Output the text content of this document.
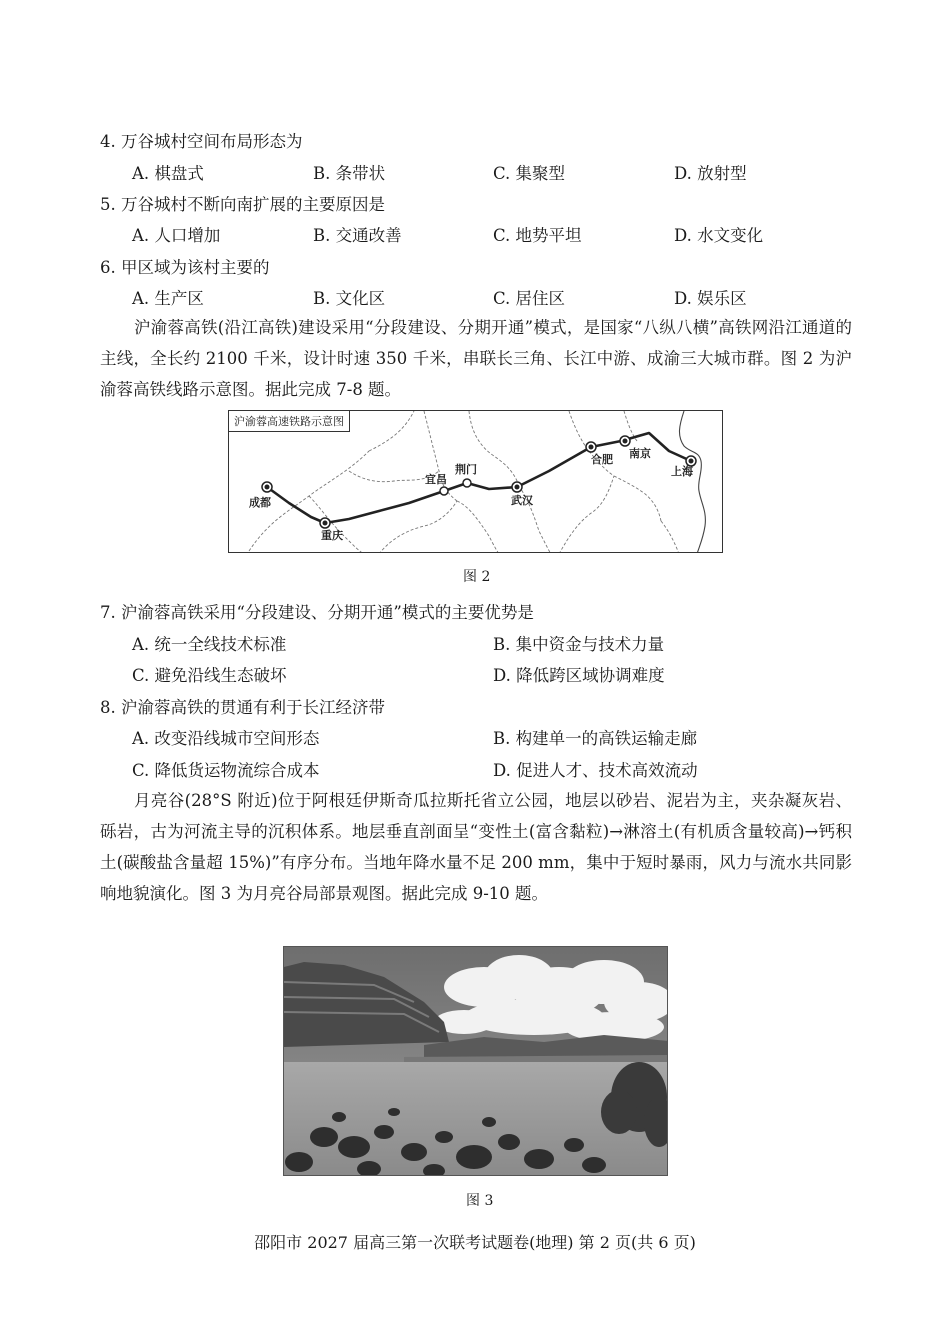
4. 万谷城村空间布局形态为
A. 棋盘式	B. 条带状	C. 集聚型	D. 放射型
5. 万谷城村不断向南扩展的主要原因是
A. 人口增加	B. 交通改善	C. 地势平坦	D. 水文变化
6. 甲区域为该村主要的
A. 生产区	B. 文化区	C. 居住区	D. 娱乐区
沪渝蓉高铁(沿江高铁)建设采用“分段建设、分期开通”模式，是国家“八纵八横”高铁网沿江通道的主线，全长约 2100 千米，设计时速 350 千米，串联长三角、长江中游、成渝三大城市群。图 2 为沪渝蓉高铁线路示意图。据此完成 7-8 题。
沪渝蓉高速铁路示意图
成都
重庆
宜昌
荆门
武汉
合肥 南京
上海
图 2
7. 沪渝蓉高铁采用“分段建设、分期开通”模式的主要优势是
A. 统一全线技术标准	B. 集中资金与技术力量
C. 避免沿线生态破坏	D. 降低跨区域协调难度
8. 沪渝蓉高铁的贯通有利于长江经济带
A. 改变沿线城市空间形态	B. 构建单一的高铁运输走廊
C. 降低货运物流综合成本	D. 促进人才、技术高效流动
月亮谷(28°S 附近)位于阿根廷伊斯奇瓜拉斯托省立公园，地层以砂岩、泥岩为主，夹杂凝灰岩、砾岩，古为河流主导的沉积体系。地层垂直剖面呈“变性土(富含黏粒)→淋溶土(有机质含量较高)→钙积土(碳酸盐含量超 15%)”有序分布。当地年降水量不足 200 mm，集中于短时暴雨，风力与流水共同影响地貌演化。图 3 为月亮谷局部景观图。据此完成 9-10 题。
图 3
邵阳市 2027 届高三第一次联考试题卷(地理) 第 2 页(共 6 页)
